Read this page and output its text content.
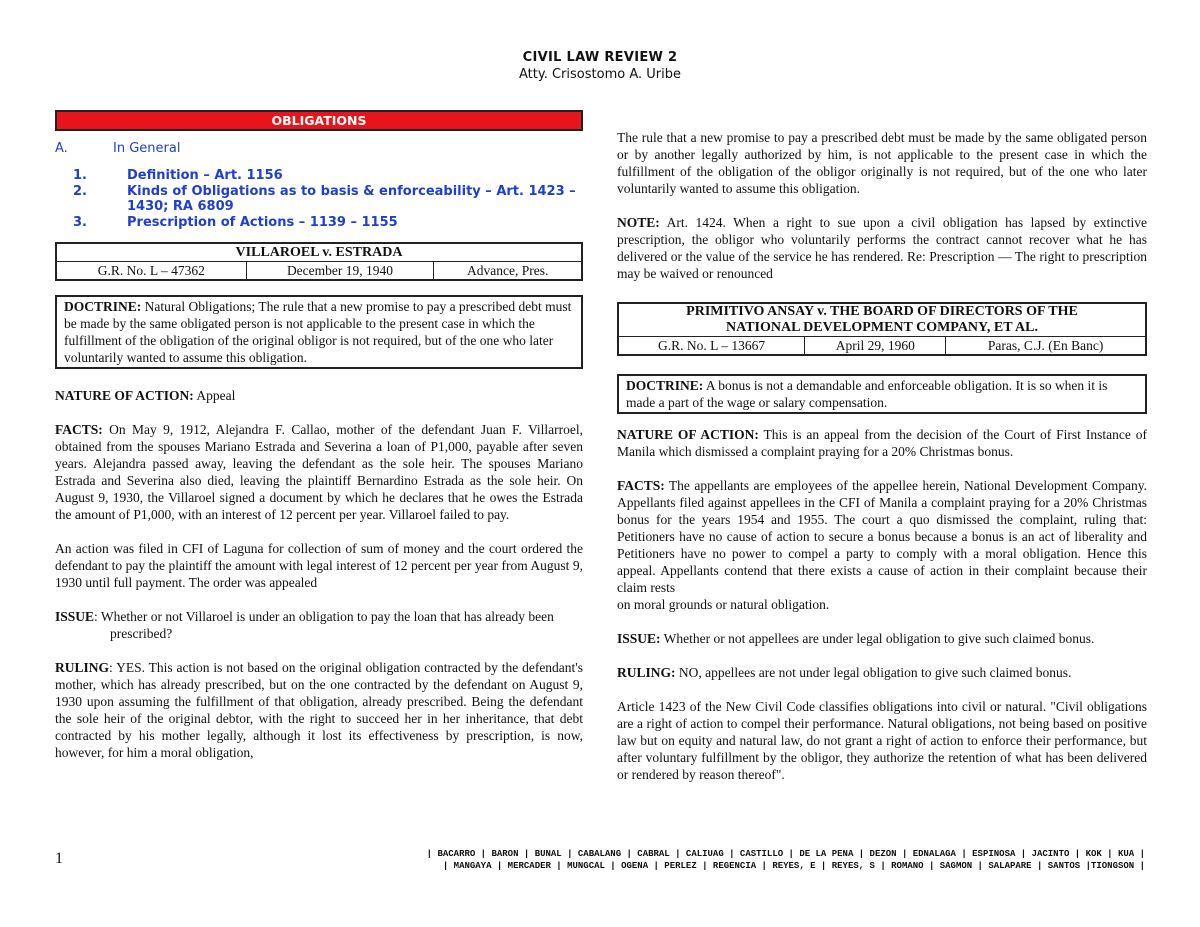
CIVIL LAW REVIEW 2
Atty. Crisostomo A. Uribe
OBLIGATIONS
A.	In General
1.	Definition – Art. 1156
2.	Kinds of Obligations as to basis & enforceability – Art. 1423 – 1430; RA 6809
3.	Prescription of Actions – 1139 – 1155
VILLAROEL v. ESTRADA
G.R. No. L – 47362	December 19, 1940	Advance, Pres.
DOCTRINE: Natural Obligations; The rule that a new promise to pay a prescribed debt must be made by the same obligated person is not applicable to the present case in which the fulfillment of the obligation of the original obligor is not required, but of the one who later voluntarily wanted to assume this obligation.

NATURE OF ACTION: Appeal

FACTS: On May 9, 1912, Alejandra F. Callao, mother of the defendant Juan F. Villarroel, obtained from the spouses Mariano Estrada and Severina a loan of P1,000, payable after seven years. Alejandra passed away, leaving the defendant as the sole heir. The spouses Mariano Estrada and Severina also died, leaving the plaintiff Bernardino Estrada as the sole heir. On August 9, 1930, the Villaroel signed a document by which he declares that he owes the Estrada the amount of P1,000, with an interest of 12 percent per year. Villaroel failed to pay.

An action was filed in CFI of Laguna for collection of sum of money and the court ordered the defendant to pay the plaintiff the amount with legal interest of 12 percent per year from August 9, 1930 until full payment. The order was appealed

ISSUE: Whether or not Villaroel is under an obligation to pay the loan that has already been prescribed?

RULING: YES. This action is not based on the original obligation contracted by the defendant's mother, which has already prescribed, but on the one contracted by the defendant on August 9, 1930 upon assuming the fulfillment of that obligation, already prescribed. Being the defendant the sole heir of the original debtor, with the right to succeed her in her inheritance, that debt contracted by his mother legally, although it lost its effectiveness by prescription, is now, however, for him a moral obligation,

The rule that a new promise to pay a prescribed debt must be made by the same obligated person or by another legally authorized by him, is not applicable to the present case in which the fulfillment of the obligation of the obligor originally is not required, but of the one who later voluntarily wanted to assume this obligation.

NOTE: Art. 1424. When a right to sue upon a civil obligation has lapsed by extinctive prescription, the obligor who voluntarily performs the contract cannot recover what he has delivered or the value of the service he has rendered. Re: Prescription — The right to prescription may be waived or renounced

PRIMITIVO ANSAY v. THE BOARD OF DIRECTORS OF THE
NATIONAL DEVELOPMENT COMPANY, ET AL.

G.R. No. L – 13667	April 29, 1960	Paras, C.J. (En Banc)
DOCTRINE: A bonus is not a demandable and enforceable obligation. It is so when it is made a part of the wage or salary compensation.

NATURE OF ACTION: This is an appeal from the decision of the Court of First Instance of Manila which dismissed a complaint praying for a 20% Christmas bonus.

FACTS: The appellants are employees of the appellee herein, National Development Company. Appellants filed against appellees in the CFI of Manila a complaint praying for a 20% Christmas bonus for the years 1954 and 1955. The court a quo dismissed the complaint, ruling that: Petitioners have no cause of action to secure a bonus because a bonus is an act of liberality and Petitioners have no power to compel a party to comply with a moral obligation. Hence this appeal. Appellants contend that there exists a cause of action in their complaint because their claim rests

on moral grounds or natural obligation.

ISSUE: Whether or not appellees are under legal obligation to give such claimed bonus.

RULING: NO, appellees are not under legal obligation to give such claimed bonus.

Article 1423 of the New Civil Code classifies obligations into civil or natural. "Civil obligations are a right of action to compel their performance. Natural obligations, not being based on positive law but on equity and natural law, do not grant a right of action to enforce their performance, but after voluntary fulfillment by the obligor, they authorize the retention of what has been delivered or rendered by reason thereof".

1	| BACARRO | BARON | BUNAL | CABALANG | CABRAL | CALIUAG | CASTILLO | DE LA PENA | DEZON | EDNALAGA | ESPINOSA | JACINTO | KOK | KUA |
| MANGAYA | MERCADER | MUNGCAL | OGENA | PERLEZ | REGENCIA | REYES, E | REYES, S | ROMANO | SAGMON | SALAPARE | SANTOS |TIONGSON |
